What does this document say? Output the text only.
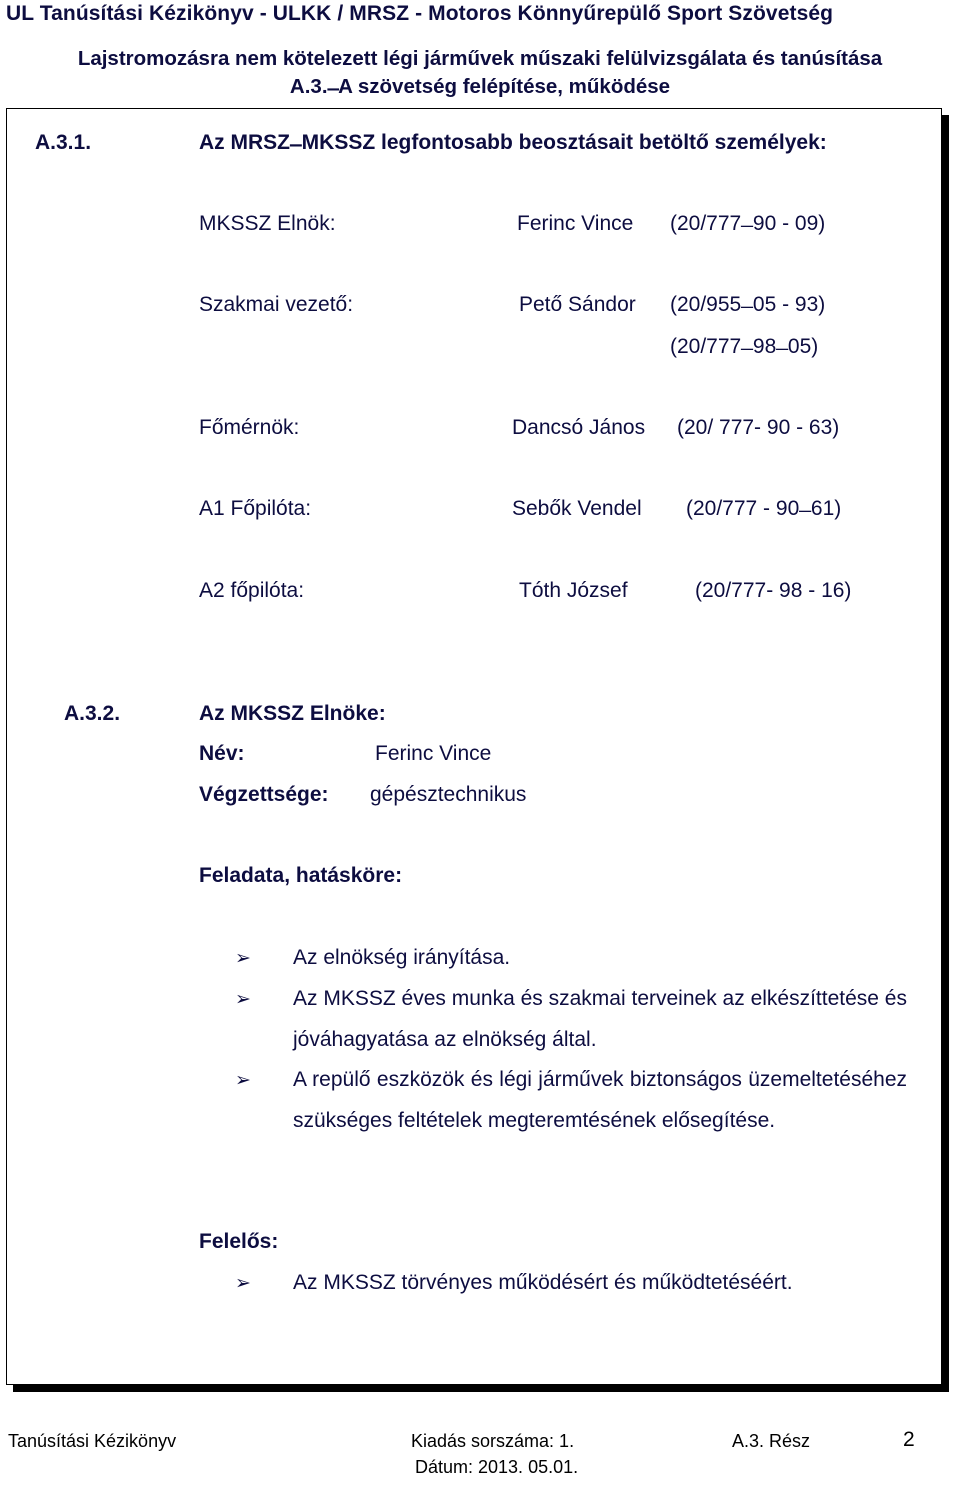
UL Tanúsítási Kézikönyv - ULKK / MRSZ - Motoros Könnyűrepülő Sport Szövetség
Lajstromozásra nem kötelezett légi járművek műszaki felülvizsgálata és tanúsítása
A.3. ̶ A szövetség felépítése, működése
A.3.1.	Az MRSZ ̶ MKSSZ legfontosabb beosztásait betöltő személyek:
MKSSZ Elnök:	Ferinc Vince (20/777 ̶ 90 - 09)
Szakmai vezető:	Pető Sándor (20/955 ̶ 05 - 93)
(20/777 ̶ 98 ̶ 05)
Főmérnök:	Dancsó János (20/ 777- 90 - 63)
A1 Főpilóta:	Sebők Vendel (20/777 - 90 ̶ 61)
A2 főpilóta:	Tóth József	(20/777- 98 - 16)
A.3.2.	Az MKSSZ Elnöke:
Név:	Ferinc Vince
Végzettsége: gépésztechnikus
Feladata, hatásköre:
➢ Az elnökség irányítása.
➢ Az MKSSZ éves munka és szakmai terveinek az elkészíttetése és jóváhagyatása az elnökség által.
➢ A repülő eszközök és légi járművek biztonságos üzemeltetéséhez szükséges feltételek megteremtésének elősegítése.
Felelős:
➢ Az MKSSZ törvényes működésért és működtetéséért.
Tanúsítási Kézikönyv	Kiadás sorszáma: 1.
Dátum: 2013. 05.01.
A.3. Rész	2
